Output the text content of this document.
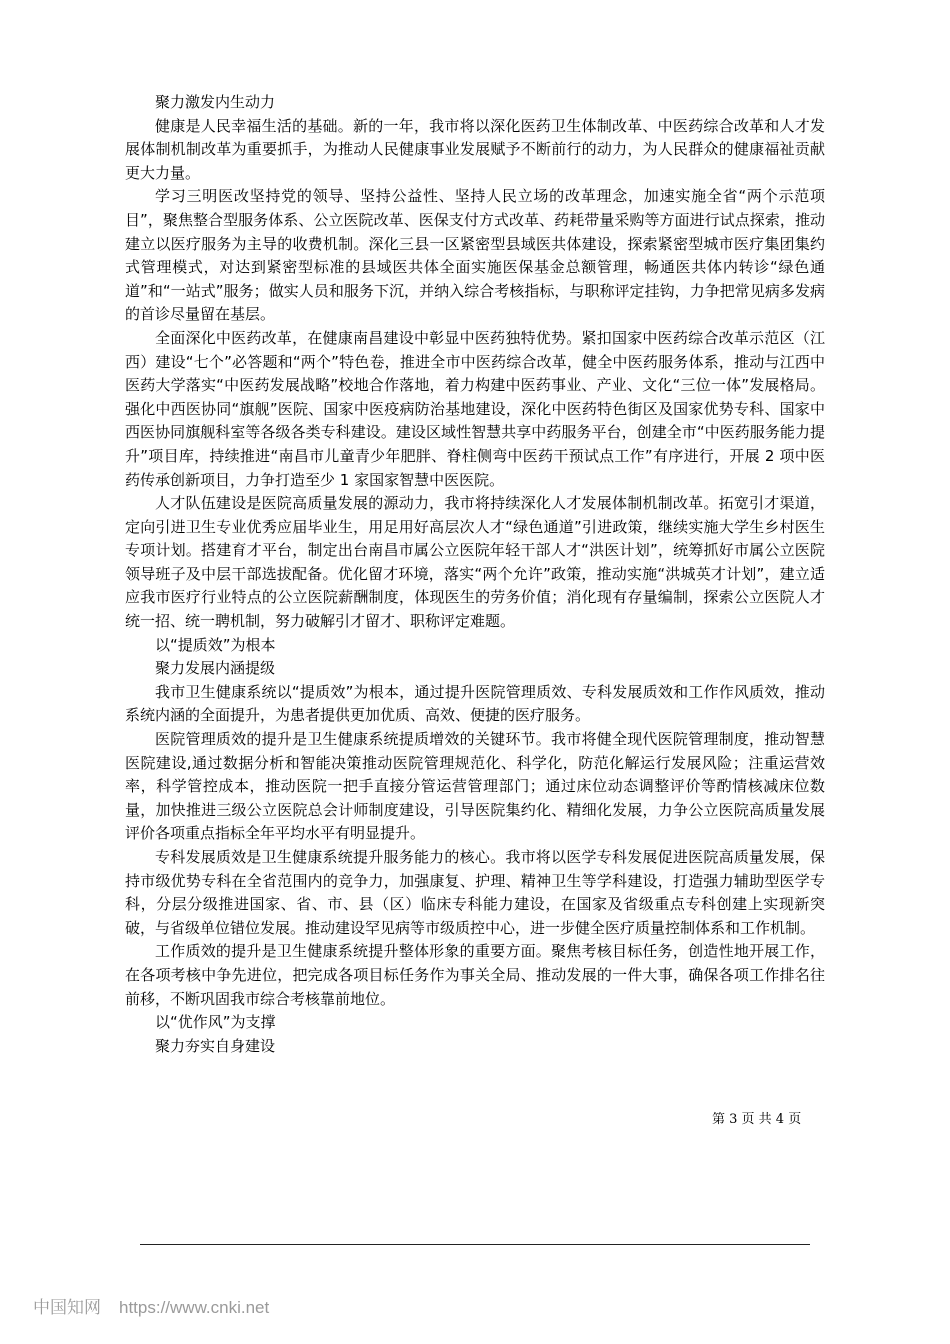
聚力激发内生动力

健康是人民幸福生活的基础。新的一年，我市将以深化医药卫生体制改革、中医药综合改革和人才发展体制机制改革为重要抓手，为推动人民健康事业发展赋予不断前行的动力，为人民群众的健康福祉贡献更大力量。

学习三明医改坚持党的领导、坚持公益性、坚持人民立场的改革理念，加速实施全省“两个示范项目”，聚焦整合型服务体系、公立医院改革、医保支付方式改革、药耗带量采购等方面进行试点探索，推动建立以医疗服务为主导的收费机制。深化三县一区紧密型县域医共体建设，探索紧密型城市医疗集团集约式管理模式，对达到紧密型标准的县域医共体全面实施医保基金总额管理，畅通医共体内转诊“绿色通道”和“一站式”服务；做实人员和服务下沉，并纳入综合考核指标，与职称评定挂钩，力争把常见病多发病的首诊尽量留在基层。

全面深化中医药改革，在健康南昌建设中彰显中医药独特优势。紧扣国家中医药综合改革示范区（江西）建设“七个”必答题和“两个”特色卷，推进全市中医药综合改革，健全中医药服务体系，推动与江西中医药大学落实“中医药发展战略”校地合作落地，着力构建中医药事业、产业、文化“三位一体”发展格局。强化中西医协同“旗舰”医院、国家中医疫病防治基地建设，深化中医药特色街区及国家优势专科、国家中西医协同旗舰科室等各级各类专科建设。建设区域性智慧共享中药服务平台，创建全市“中医药服务能力提升”项目库，持续推进“南昌市儿童青少年肥胖、脊柱侧弯中医药干预试点工作”有序进行，开展 2 项中医药传承创新项目，力争打造至少 1 家国家智慧中医医院。

人才队伍建设是医院高质量发展的源动力，我市将持续深化人才发展体制机制改革。拓宽引才渠道，定向引进卫生专业优秀应届毕业生，用足用好高层次人才“绿色通道”引进政策，继续实施大学生乡村医生专项计划。搭建育才平台，制定出台南昌市属公立医院年轻干部人才“洪医计划”，统筹抓好市属公立医院领导班子及中层干部选拔配备。优化留才环境，落实“两个允许”政策，推动实施“洪城英才计划”，建立适应我市医疗行业特点的公立医院薪酬制度，体现医生的劳务价值；消化现有存量编制，探索公立医院人才统一招、统一聘机制，努力破解引才留才、职称评定难题。

以“提质效”为根本

聚力发展内涵提级

我市卫生健康系统以“提质效”为根本，通过提升医院管理质效、专科发展质效和工作作风质效，推动系统内涵的全面提升，为患者提供更加优质、高效、便捷的医疗服务。

医院管理质效的提升是卫生健康系统提质增效的关键环节。我市将健全现代医院管理制度，推动智慧医院建设,通过数据分析和智能决策推动医院管理规范化、科学化，防范化解运行发展风险；注重运营效率，科学管控成本，推动医院一把手直接分管运营管理部门；通过床位动态调整评价等酌情核减床位数量，加快推进三级公立医院总会计师制度建设，引导医院集约化、精细化发展，力争公立医院高质量发展评价各项重点指标全年平均水平有明显提升。

专科发展质效是卫生健康系统提升服务能力的核心。我市将以医学专科发展促进医院高质量发展，保持市级优势专科在全省范围内的竞争力，加强康复、护理、精神卫生等学科建设，打造强力辅助型医学专科，分层分级推进国家、省、市、县（区）临床专科能力建设，在国家及省级重点专科创建上实现新突破，与省级单位错位发展。推动建设罕见病等市级质控中心，进一步健全医疗质量控制体系和工作机制。

工作质效的提升是卫生健康系统提升整体形象的重要方面。聚焦考核目标任务，创造性地开展工作，在各项考核中争先进位，把完成各项目标任务作为事关全局、推动发展的一件大事，确保各项工作排名往前移，不断巩固我市综合考核靠前地位。

以“优作风”为支撑

聚力夯实自身建设

第 3 页 共 4 页
中国知网 https://www.cnki.net
